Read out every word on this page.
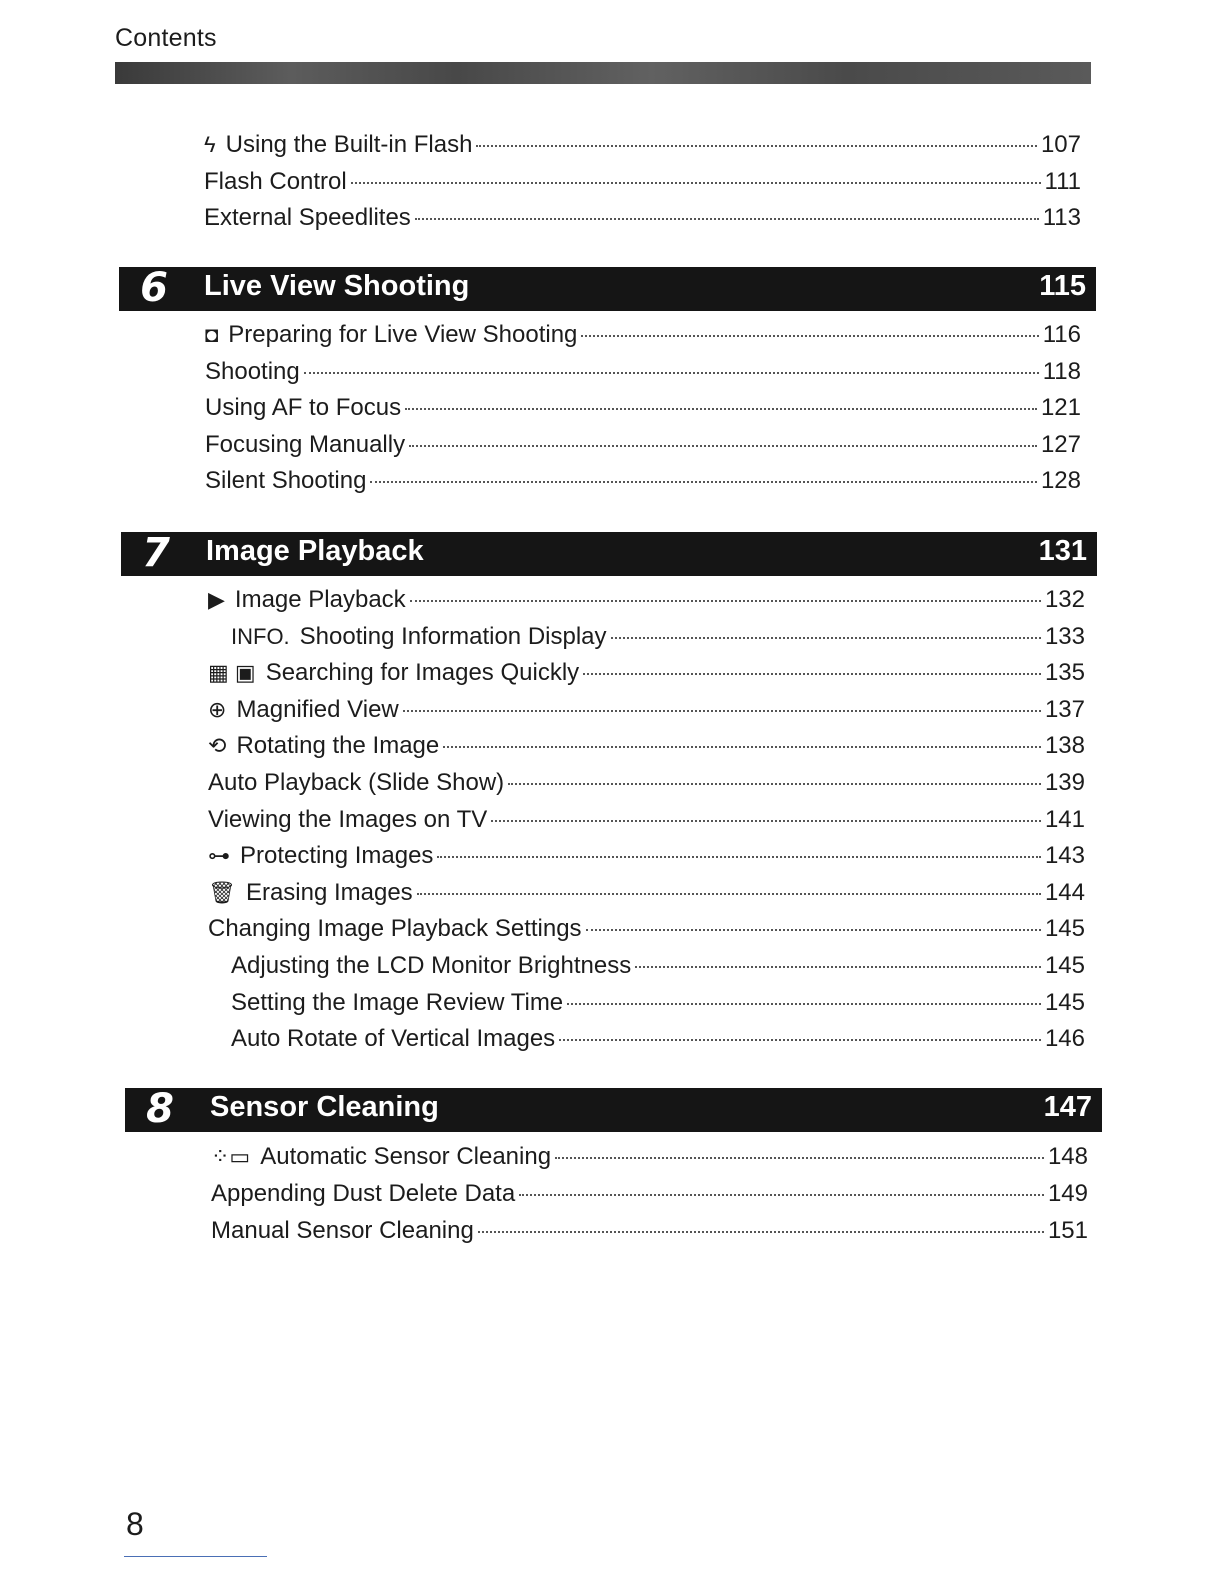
Contents
ϟ Using the Built-in Flash	107
Flash Control	111
External Speedlites	113
6	Live View Shooting	115
◘ Preparing for Live View Shooting	116
Shooting	118
Using AF to Focus	121
Focusing Manually	127
Silent Shooting	128
7	Image Playback	131
▶ Image Playback	132
INFO. Shooting Information Display	133
▦ ▣ Searching for Images Quickly	135
⊕ Magnified View	137
⟲ Rotating the Image	138
Auto Playback (Slide Show)	139
Viewing the Images on TV	141
⊶ Protecting Images	143
🗑 Erasing Images	144
Changing Image Playback Settings	145
Adjusting the LCD Monitor Brightness	145
Setting the Image Review Time	145
Auto Rotate of Vertical Images	146
8	Sensor Cleaning	147
⁘▭ Automatic Sensor Cleaning	148
Appending Dust Delete Data	149
Manual Sensor Cleaning	151
8
